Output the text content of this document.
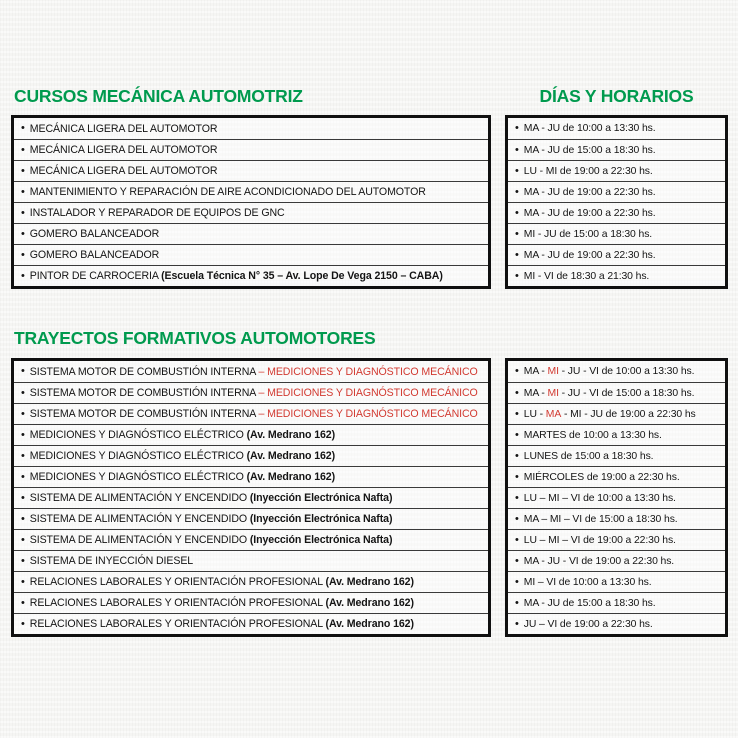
CURSOS MECÁNICA AUTOMOTRIZ	DÍAS Y HORARIOS
• MECÁNICA LIGERA DEL AUTOMOTOR
• MECÁNICA LIGERA DEL AUTOMOTOR
• MECÁNICA LIGERA DEL AUTOMOTOR
• MANTENIMIENTO Y REPARACIÓN DE AIRE ACONDICIONADO DEL AUTOMOTOR
• INSTALADOR Y REPARADOR DE EQUIPOS DE GNC
• GOMERO BALANCEADOR
• GOMERO BALANCEADOR
• PINTOR DE CARROCERIA (Escuela Técnica N° 35 – Av. Lope De Vega 2150 – CABA)
• MA - JU de 10:00 a 13:30 hs.
• MA - JU de 15:00 a 18:30 hs.
• LU - MI de 19:00 a 22:30 hs.
• MA - JU de 19:00 a 22:30 hs.
• MA - JU de 19:00 a 22:30 hs.
• MI - JU de 15:00 a 18:30 hs.
• MA - JU de 19:00 a 22:30 hs.
• MI - VI de 18:30 a 21:30 hs.
TRAYECTOS FORMATIVOS AUTOMOTORES
• SISTEMA MOTOR DE COMBUSTIÓN INTERNA – MEDICIONES Y DIAGNÓSTICO MECÁNICO
• SISTEMA MOTOR DE COMBUSTIÓN INTERNA – MEDICIONES Y DIAGNÓSTICO MECÁNICO
• SISTEMA MOTOR DE COMBUSTIÓN INTERNA – MEDICIONES Y DIAGNÓSTICO MECÁNICO
• MEDICIONES Y DIAGNÓSTICO ELÉCTRICO (Av. Medrano 162)
• MEDICIONES Y DIAGNÓSTICO ELÉCTRICO (Av. Medrano 162)
• MEDICIONES Y DIAGNÓSTICO ELÉCTRICO (Av. Medrano 162)
• SISTEMA DE ALIMENTACIÓN Y ENCENDIDO (Inyección Electrónica Nafta)
• SISTEMA DE ALIMENTACIÓN Y ENCENDIDO (Inyección Electrónica Nafta)
• SISTEMA DE ALIMENTACIÓN Y ENCENDIDO (Inyección Electrónica Nafta)
• SISTEMA DE INYECCIÓN DIESEL
• RELACIONES LABORALES Y ORIENTACIÓN PROFESIONAL (Av. Medrano 162)
• RELACIONES LABORALES Y ORIENTACIÓN PROFESIONAL (Av. Medrano 162)
• RELACIONES LABORALES Y ORIENTACIÓN PROFESIONAL (Av. Medrano 162)
• MA - MI - JU - VI de 10:00 a 13:30 hs.
• MA - MI - JU - VI de 15:00 a 18:30 hs.
• LU - MA - MI - JU de 19:00 a 22:30 hs
• MARTES de 10:00 a 13:30 hs.
• LUNES de 15:00 a 18:30 hs.
• MIÉRCOLES de 19:00 a 22:30 hs.
• LU – MI – VI de 10:00 a 13:30 hs.
• MA – MI – VI de 15:00 a 18:30 hs.
• LU – MI – VI de 19:00 a 22:30 hs.
• MA - JU - VI de 19:00 a 22:30 hs.
• MI – VI de 10:00 a 13:30 hs.
• MA - JU de 15:00 a 18:30 hs.
• JU – VI de 19:00 a 22:30 hs.
